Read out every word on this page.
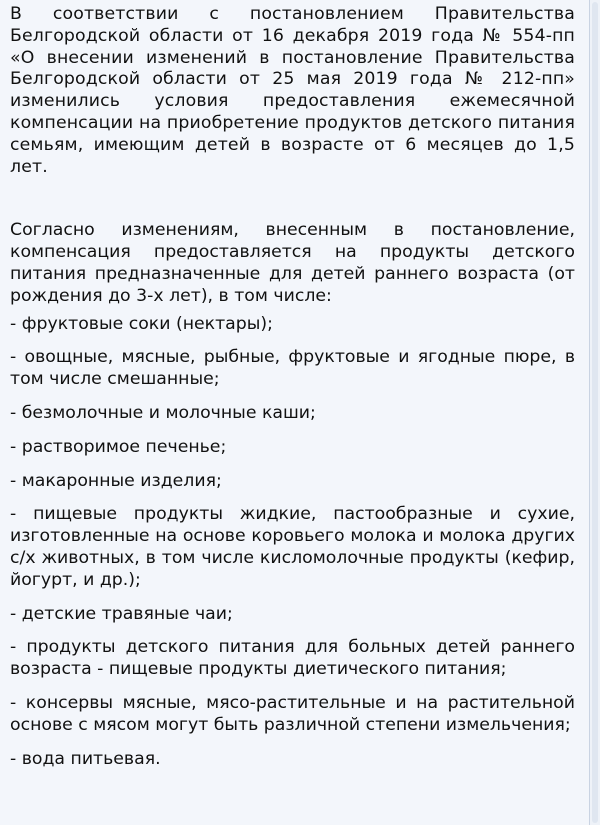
В соответствии с постановлением Правительства Белгородской области от 16 декабря 2019 года № 554-пп «О внесении изменений в постановление Правительства Белгородской области от 25 мая 2019 года № 212-пп» изменились условия предоставления ежемесячной компенсации на приобретение продуктов детского питания семьям, имеющим детей в возрасте от 6 месяцев до 1,5 лет.

Согласно изменениям, внесенным в постановление, компенсация предоставляется на продукты детского питания предназначенные для детей раннего возраста (от рождения до 3-х лет), в том числе:

- фруктовые соки (нектары);

- овощные, мясные, рыбные, фруктовые и ягодные пюре, в том числе смешанные;

- безмолочные и молочные каши;

- растворимое печенье;

- макаронные изделия;

- пищевые продукты жидкие, пастообразные и сухие, изготовленные на основе коровьего молока и молока других с/х животных, в том числе кисломолочные продукты (кефир, йогурт, и др.);

- детские травяные чаи;

- продукты детского питания для больных детей раннего возраста - пищевые продукты диетического питания;

- консервы мясные, мясо-растительные и на растительной основе с мясом могут быть различной степени измельчения;

- вода питьевая.
